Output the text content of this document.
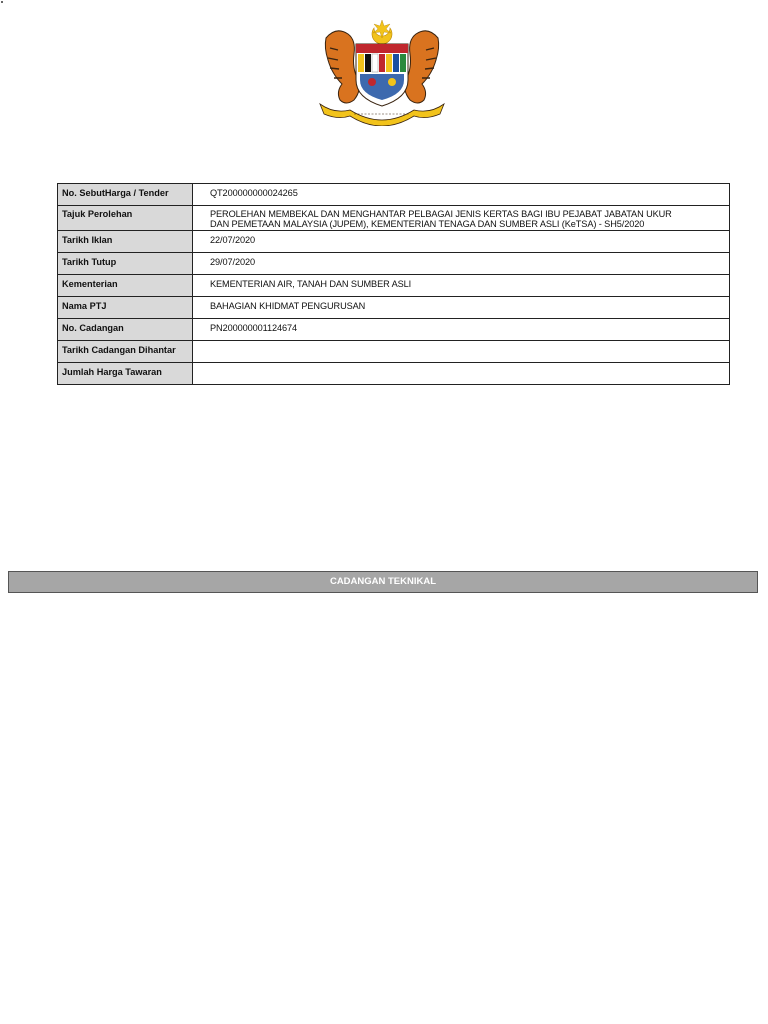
No. SebutHarga / Tender	QT200000000024265
Tajuk Perolehan	PEROLEHAN MEMBEKAL DAN MENGHANTAR PELBAGAI JENIS KERTAS BAGI IBU PEJABAT JABATAN UKUR
DAN PEMETAAN MALAYSIA (JUPEM), KEMENTERIAN TENAGA DAN SUMBER ASLI (KeTSA) - SH5/2020

Tarikh Iklan	22/07/2020
Tarikh Tutup	29/07/2020
Kementerian	KEMENTERIAN AIR, TANAH DAN SUMBER ASLI
Nama PTJ	BAHAGIAN KHIDMAT PENGURUSAN
No. Cadangan	PN200000001124674
Tarikh Cadangan Dihantar	
Jumlah Harga Tawaran	
CADANGAN TEKNIKAL
